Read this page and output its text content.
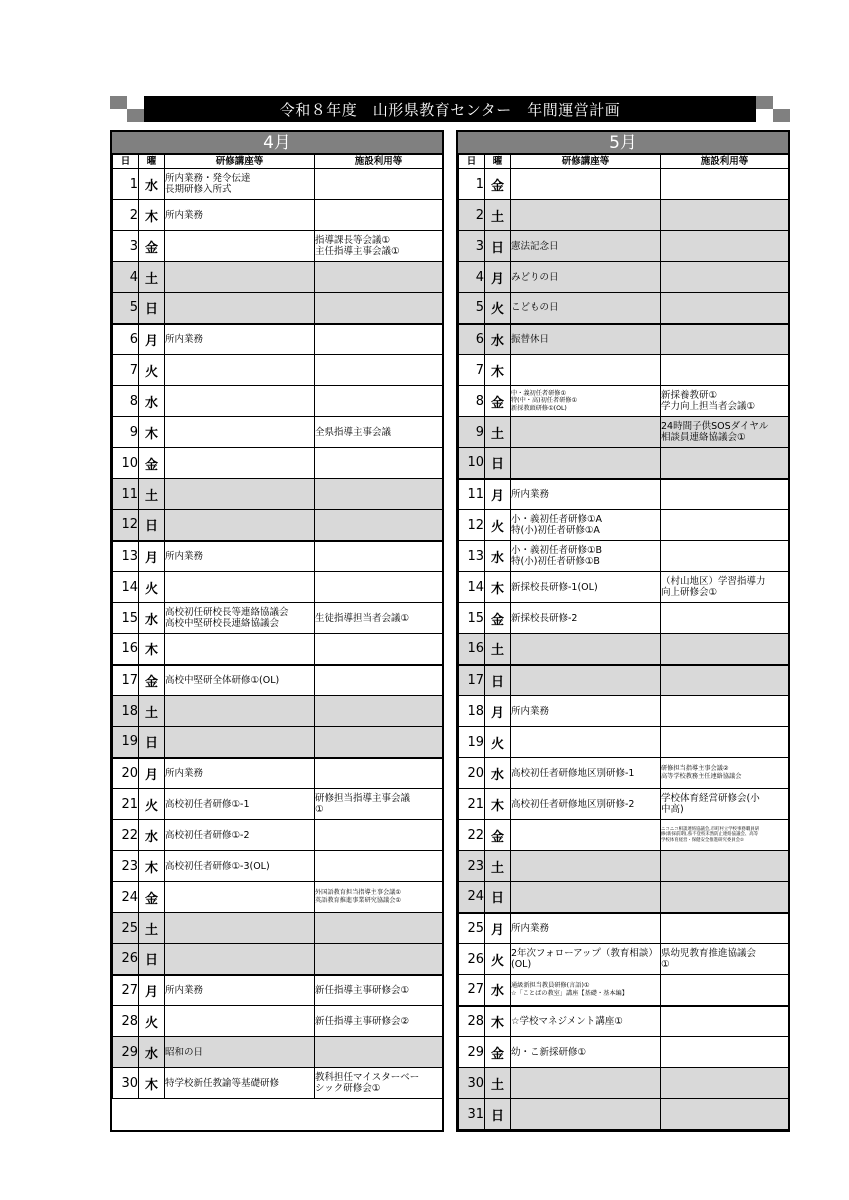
令和８年度　山形県教育センター　年間運営計画
4月
日	曜	研修講座等	施設利用等
1	水	所内業務・発令伝達
長期研修入所式	

2	木	所内業務	

3	金		指導課長等会議①
主任指導主事会議①

4	土		
5	日		
6	月	所内業務	

7	火		
8	水		
9	木		全県指導主事会議

10	金		
11	土		
12	日		
13	月	所内業務	

14	火		
15	水	高校初任研校長等連絡協議会
高校中堅研校長連絡協議会	生徒指導担当者会議①

16	木		
17	金	高校中堅研全体研修①(OL)	

18	土		
19	日		
20	月	所内業務	

21	火	高校初任者研修①-1	研修担当指導主事会議
①

22	水	高校初任者研修①-2	

23	木	高校初任者研修①-3(OL)	

24	金		外国語教育担当指導主事会議①
英語教育推進事業研究協議会①

25	土		
26	日		
27	月	所内業務	新任指導主事研修会①

28	火		新任指導主事研修会②

29	水	昭和の日	

30	木	特学校新任教諭等基礎研修	教科担任マイスターベー
シック研修会①
5月
日	曜	研修講座等	施設利用等
1	金		
2	土		
3	日	憲法記念日	

4	月	みどりの日	

5	火	こどもの日	

6	水	振替休日	

7	木		
8	金	中・義初任者研修①
特(中・高)初任者研修①
新採教頭研修①(OL)	新採養教研①
学力向上担当者会議①

9	土		24時間子供SOSダイヤル
相談員連絡協議会①

10	日		
11	月	所内業務	

12	火	小・義初任者研修①A
特(小)初任者研修①A	

13	水	小・義初任者研修①B
特(小)初任者研修①B	

14	木	新採校長研修-1(OL)	（村山地区）学習指導力
向上研修会①

15	金	新採校長研修-2	

16	土		
17	日		
18	月	所内業務	

19	火		
20	水	高校初任者研修地区別研修-1	研修担当指導主事会議②
高等学校教務主任連絡協議会

21	木	高校初任者研修地区別研修-2	学校体育経営研修会(小
中高)

22	金		ニコニコ相談連絡協議会,市町村立学校事務職員研
修(新採前期),県不登校未然防止連絡協議会、高等
学校体育経営・保健安全推進研究委員会②

23	土		
24	日		
25	月	所内業務	

26	火	2年次フォローアップ（教育相談）
(OL)	県幼児教育推進協議会
①

27	水	通級新担当教員研修(言語)①
☆「ことばの教室」講座【基礎・基本編】	

28	木	☆学校マネジメント講座①	

29	金	幼・こ新採研修①	

30	土		
31	日		
